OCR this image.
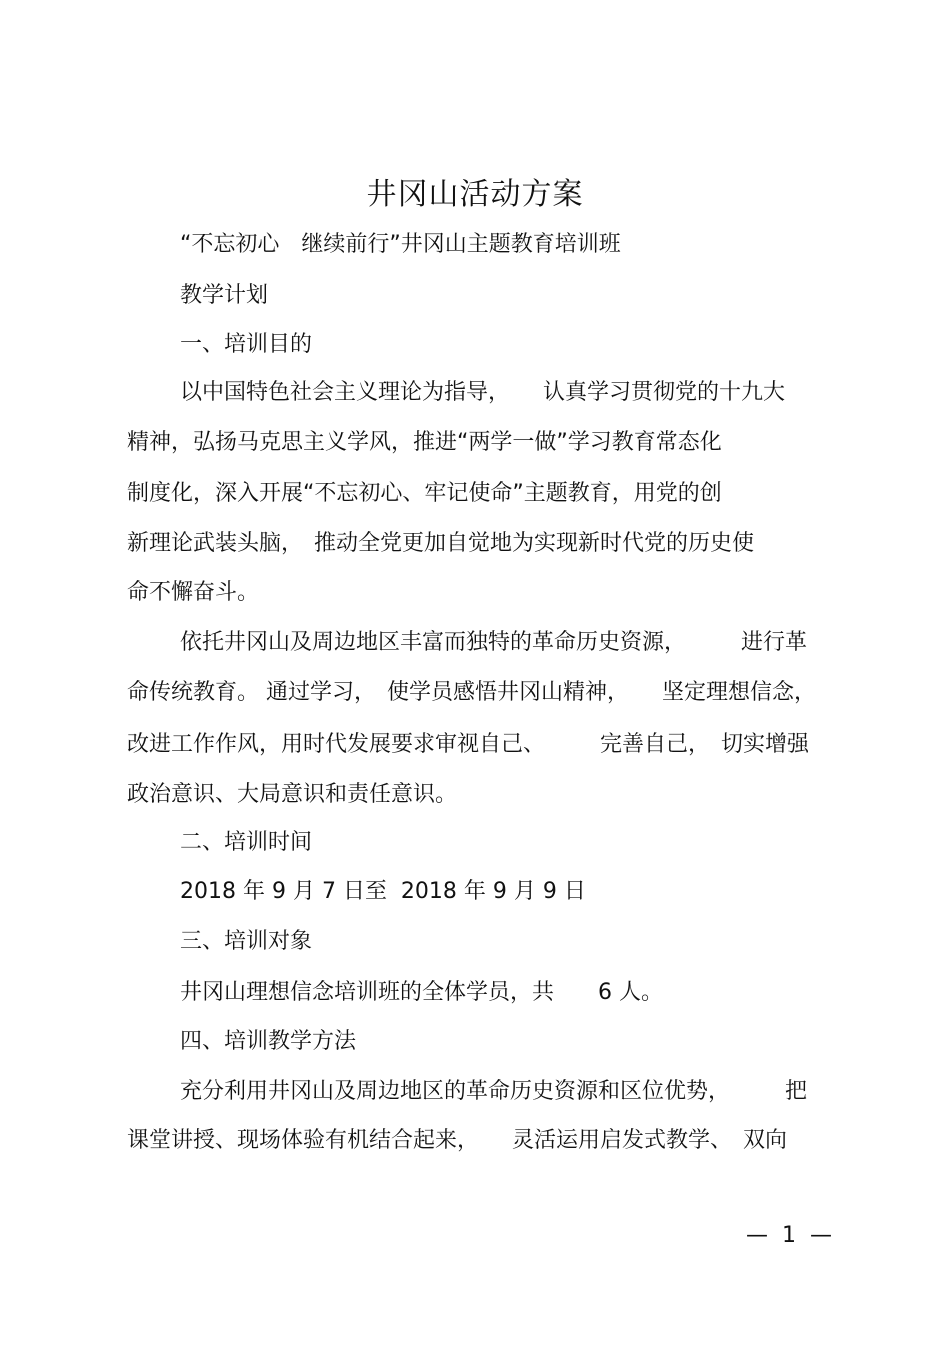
井冈山活动方案
“不忘初心　继续前行”井冈山主题教育培训班
教学计划
一、培训目的
以中国特色社会主义理论为指导，　　认真学习贯彻党的十九大
精神，弘扬马克思主义学风，推进“两学一做”学习教育常态化
制度化，深入开展“不忘初心、牢记使命”主题教育，用党的创
新理论武装头脑，　推动全党更加自觉地为实现新时代党的历史使
命不懈奋斗。
依托井冈山及周边地区丰富而独特的革命历史资源，　　　进行革
命传统教育。 通过学习，　使学员感悟井冈山精神，　　坚定理想信念，
改进工作作风，用时代发展要求审视自己、　　　完善自己，　切实增强
政治意识、大局意识和责任意识。
二、培训时间
2018 年 9 月 7 日至  2018 年 9 月 9 日
三、培训对象
井冈山理想信念培训班的全体学员，共　　6 人。
四、培训教学方法
充分利用井冈山及周边地区的革命历史资源和区位优势，　　　把
课堂讲授、现场体验有机结合起来，　　灵活运用启发式教学、　双向
—  1  —
